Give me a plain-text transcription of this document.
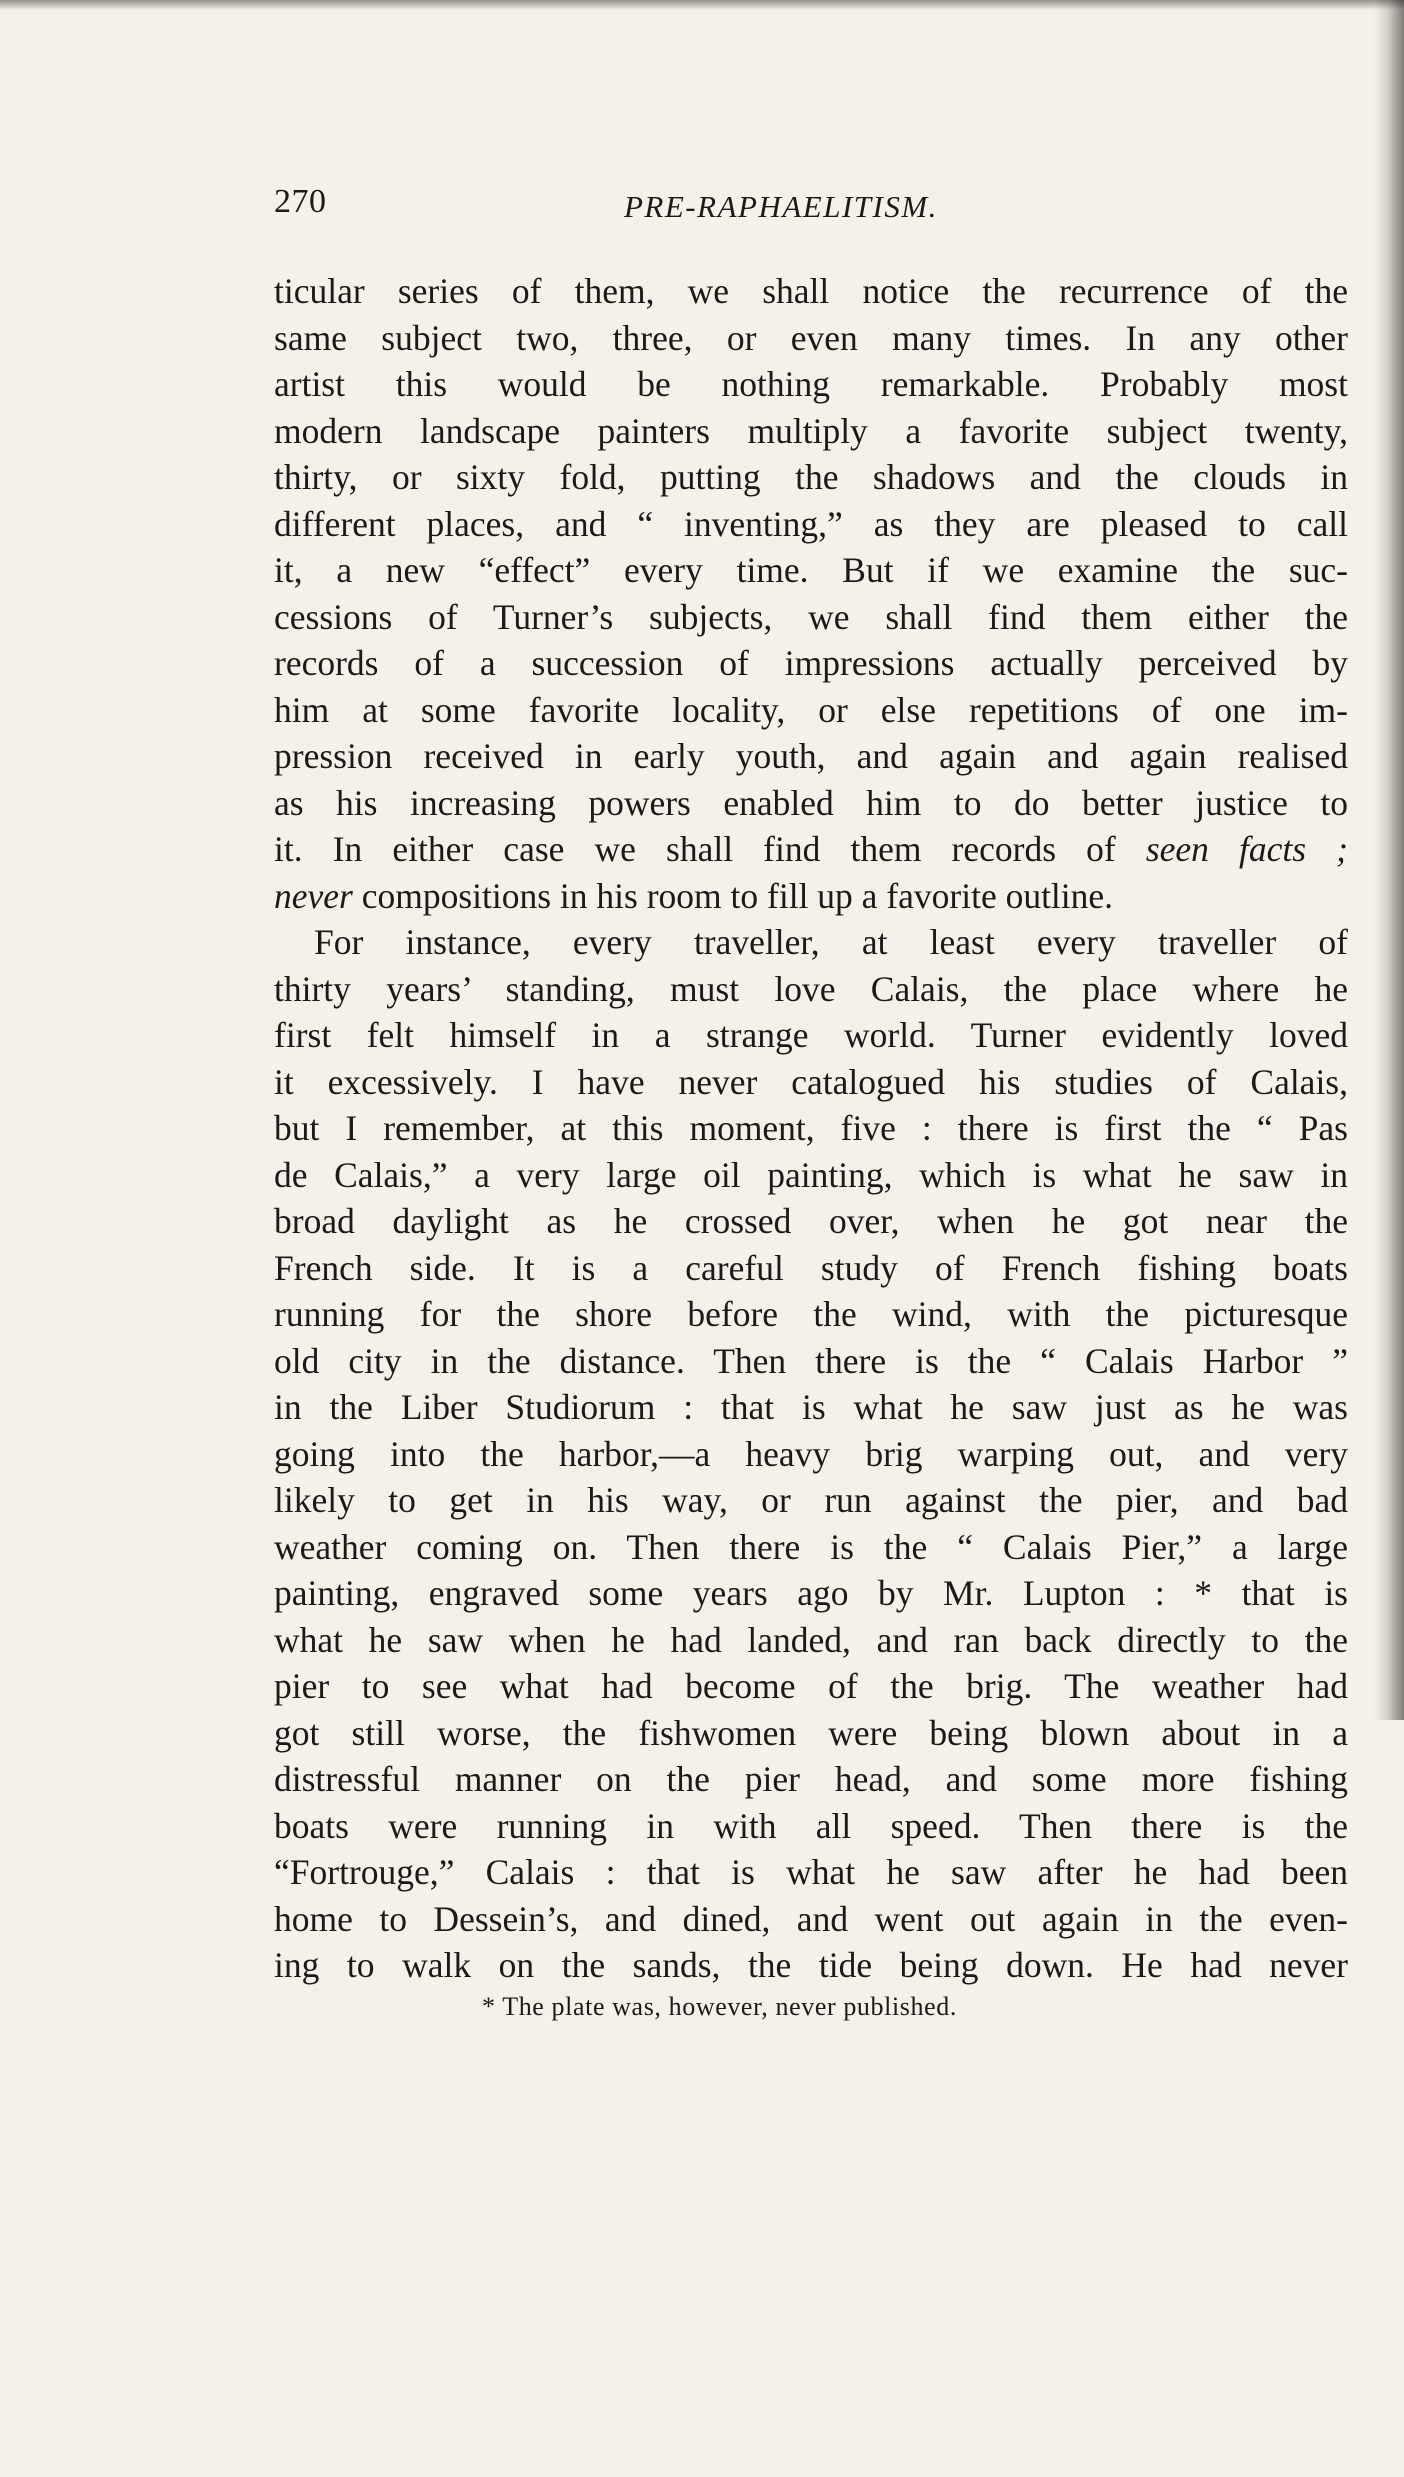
270	PRE-RAPHAELITISM.
ticular series of them, we shall notice the recurrence of the
same subject two, three, or even many times. In any other
artist this would be nothing remarkable. Probably most
modern landscape painters multiply a favorite subject twenty,
thirty, or sixty fold, putting the shadows and the clouds in
different places, and “ inventing,” as they are pleased to call
it, a new “effect” every time. But if we examine the suc-
cessions of Turner’s subjects, we shall find them either the
records of a succession of impressions actually perceived by
him at some favorite locality, or else repetitions of one im-
pression received in early youth, and again and again realised
as his increasing powers enabled him to do better justice to
it. In either case we shall find them records of seen facts ;
never compositions in his room to fill up a favorite outline.
For instance, every traveller, at least every traveller of
thirty years’ standing, must love Calais, the place where he
first felt himself in a strange world. Turner evidently loved
it excessively. I have never catalogued his studies of Calais,
but I remember, at this moment, five : there is first the “ Pas
de Calais,” a very large oil painting, which is what he saw in
broad daylight as he crossed over, when he got near the
French side. It is a careful study of French fishing boats
running for the shore before the wind, with the picturesque
old city in the distance. Then there is the “ Calais Harbor ”
in the Liber Studiorum : that is what he saw just as he was
going into the harbor,—a heavy brig warping out, and very
likely to get in his way, or run against the pier, and bad
weather coming on. Then there is the “ Calais Pier,” a large
painting, engraved some years ago by Mr. Lupton : * that is
what he saw when he had landed, and ran back directly to the
pier to see what had become of the brig. The weather had
got still worse, the fishwomen were being blown about in a
distressful manner on the pier head, and some more fishing
boats were running in with all speed. Then there is the
“Fortrouge,” Calais : that is what he saw after he had been
home to Dessein’s, and dined, and went out again in the even-
ing to walk on the sands, the tide being down. He had never
* The plate was, however, never published.
